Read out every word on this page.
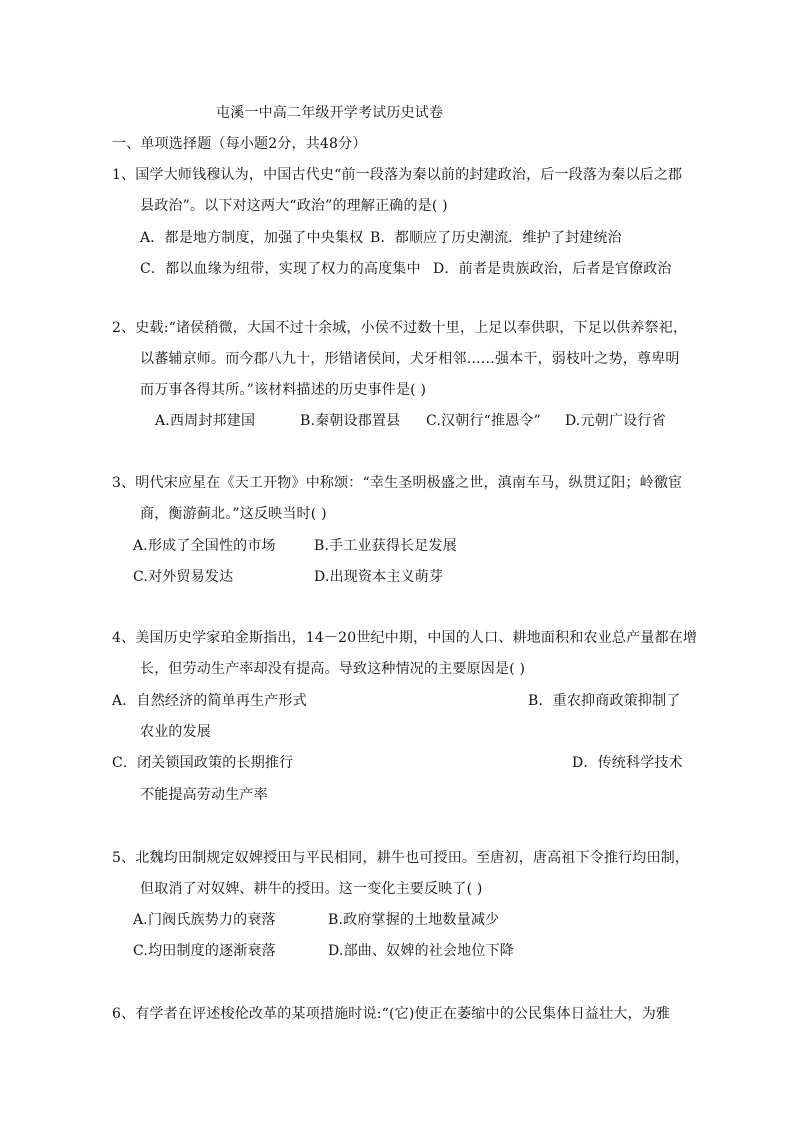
屯溪一中高二年级开学考试历史试卷
一、单项选择题（每小题2分，共48分）
1、国学大师钱穆认为，中国古代史“前一段落为秦以前的封建政治，后一段落为秦以后之郡
县政治”。以下对这两大“政治”的理解正确的是( )
A．都是地方制度，加强了中央集权 B．都顺应了历史潮流．维护了封建统治
C．都以血缘为纽带，实现了权力的高度集中 D．前者是贵族政治，后者是官僚政治
2、史载:“诸侯稍微，大国不过十余城，小侯不过数十里，上足以奉供职，下足以供养祭祀，
以蕃辅京师。而今郡八九十，形错诸侯间，犬牙相邻……强本干，弱枝叶之势，尊卑明
而万事各得其所。”该材料描述的历史事件是( )
A.西周封邦建国	B.秦朝设郡置县 C.汉朝行“推恩令” D.元朝广设行省
3、明代宋应星在《天工开物》中称颂：“幸生圣明极盛之世，滇南车马，纵贯辽阳；岭徼宦
商，衡游蓟北。”这反映当时( )
A.形成了全国性的市场	B.手工业获得长足发展
C.对外贸易发达	D.出现资本主义萌芽
4、美国历史学家珀金斯指出，14－20世纪中期，中国的人口、耕地面积和农业总产量都在增
长，但劳动生产率却没有提高。导致这种情况的主要原因是( )
A．自然经济的简单再生产形式	B．重农抑商政策抑制了
农业的发展
C．闭关锁国政策的长期推行	D．传统科学技术
不能提高劳动生产率
5、北魏均田制规定奴婢授田与平民相同，耕牛也可授田。至唐初，唐高祖下令推行均田制，
但取消了对奴婢、耕牛的授田。这一变化主要反映了( )
A.门阀氏族势力的衰落	B.政府掌握的土地数量减少
C.均田制度的逐渐衰落	D.部曲、奴婢的社会地位下降
6、有学者在评述梭伦改革的某项措施时说:“(它)使正在萎缩中的公民集体日益壮大，为雅
